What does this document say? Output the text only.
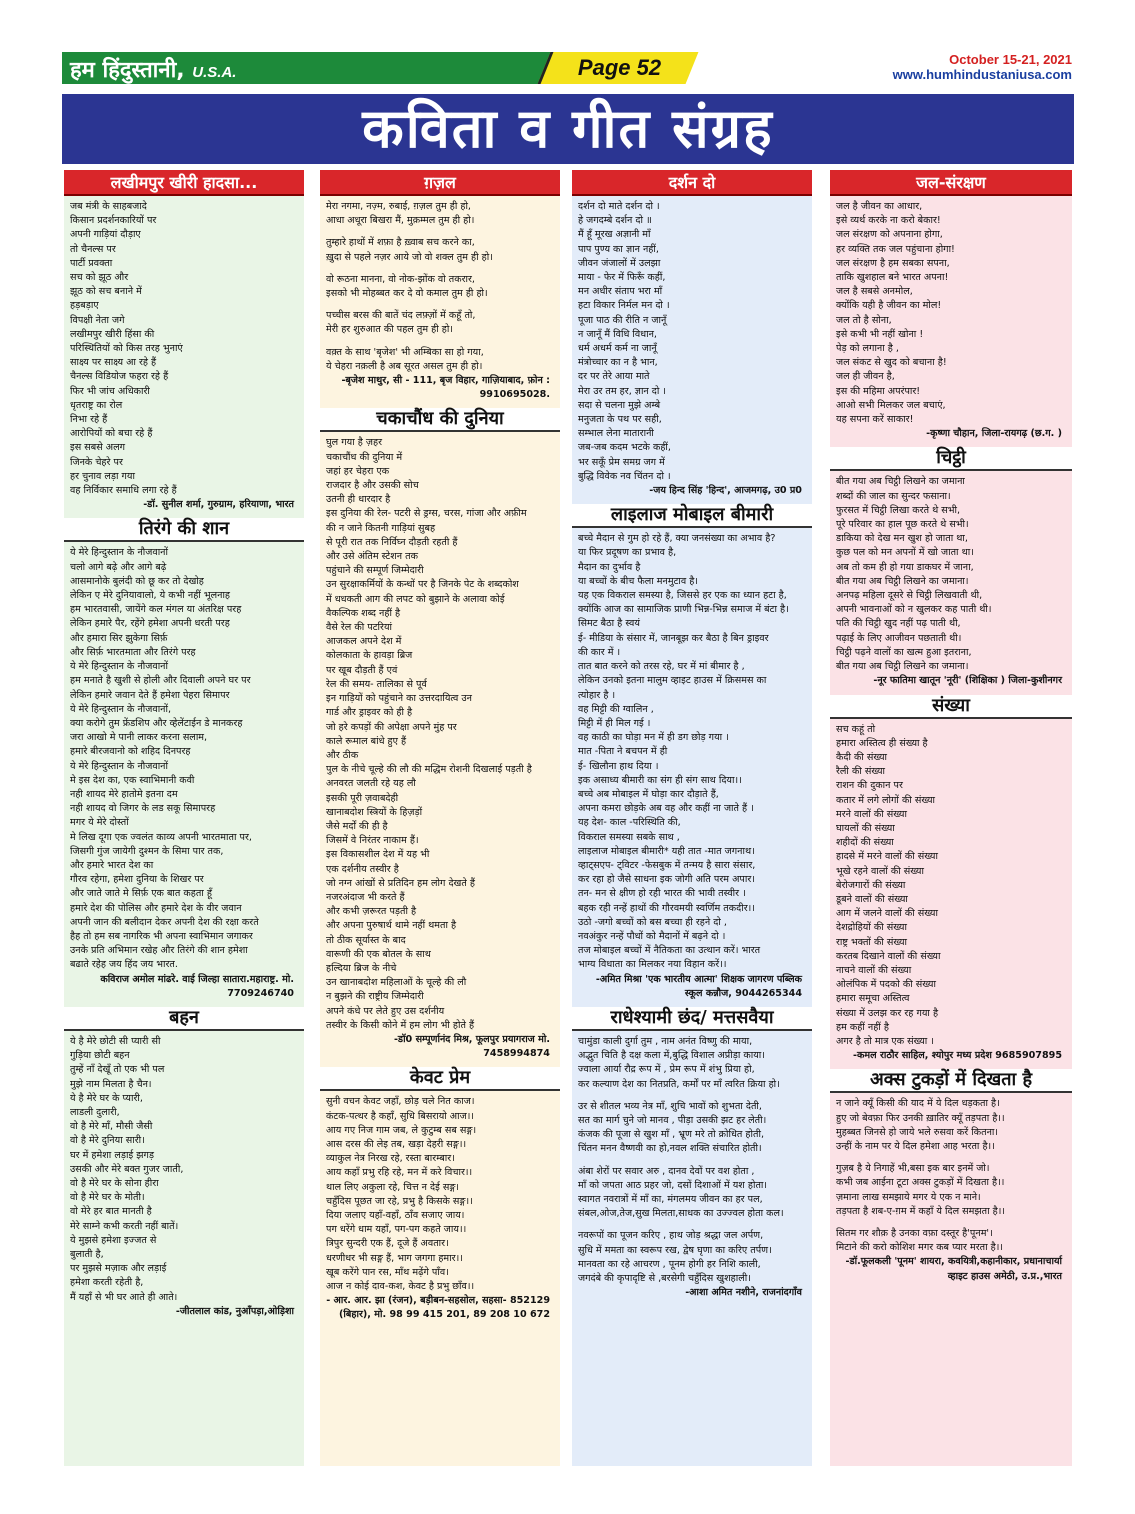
हम हिंदुस्तानी, U.S.A.	Page 52	October 15-21, 2021
www.humhindustaniusa.com
कविता व गीत संग्रह
लखीमपुर खीरी हादसा...
जब मंत्री के साहबजादे
किसान प्रदर्शनकारियों पर
अपनी गाड़ियां दौड़ाए
तो चैनल्स पर
पार्टी प्रवक्ता
सच को झूठ और
झूठ को सच बनाने में
हड़बड़ाए
विपक्षी नेता जगे
लखीमपुर खीरी हिंसा की
परिस्थितियों को किस तरह भुनाएं
साक्ष्य पर साक्ष्य आ रहे हैं
चैनल्स विडियोज फहरा रहे हैं
फिर भी जांच अधिकारी
धृतराष्ट्र का रोल
निभा रहे हैं
आरोपियों को बचा रहे हैं
इस सबसे अलग
जिनके चेहरे पर
हर चुनाव लड़ा गया
वह निर्विकार समाधि लगा रहे हैं
-डॉ. सुनील शर्मा, गुरुग्राम, हरियाणा, भारत
तिरंगे की शान
ये मेरे हिन्दुस्तान के नौजवानों
चलो आगे बढ़े और आगे बढ़े
आसमानोके बुलंदी को छू कर तो देखोह
लेकिन ए मेरे दुनियावालो, ये कभी नहीं भूलनाह
हम भारतवासी, जायेंगे कल मंगल या अंतरिक्ष परह
लेकिन हमारे पैर, रहेंगे हमेशा अपनी धरती परह
और हमारा सिर झुकेगा सिर्फ़
और सिर्फ़ भारतमाता और तिरंगे परह
ये मेरे हिन्दुस्तान के नौजवानों
हम मनाते है खुशी से होली और दिवाली अपने घर पर
लेकिन हमारे जवान देते हैं हमेशा पेहरा सिमापर
ये मेरे हिन्दुस्तान के नौजवानों,
क्या करोगे तुम फ्रेंडशिप और व्हेलेंटाईन डे मानकरह
जरा आखो मे पानी लाकर करना सलाम,
हमारे बीरजवानो को शहिद दिनपरह
ये मेरे हिन्दुस्तान के नौजवानों
मे इस देश का, एक स्वाभिमानी कवी
नही शायद मेरे हातोमे इतना दम
नही शायद वो जिगर के लड सकू सिमापरह
मगर ये मेरे दोस्तों
मे लिख दूगा एक ज्वलंत काव्य अपनी भारतमाता पर,
जिसगी गुंज जायेगी दुश्मन के सिमा पार तक,
और हमारे भारत देश का
गौरव रहेगा, हमेशा दुनिया के शिखर पर
और जाते जाते मे सिर्फ़ एक बात कहता हूँ
हमारे देश की पोलिस और हमारे देश के वीर जवान
अपनी जान की बलीदान देकर अपनी देश की रक्षा करते
हैह तो हम सब नागरिक भी अपना स्वाभिमान जगाकर
उनके प्रति अभिमान रखेह और तिरंगे की शान हमेशा
बढाते रहेह जय हिंद जय भारत.
कविराज अमोल मांढरे. वाई जिल्हा सातारा.महाराष्ट्र. मो. 7709246740
बहन
ये है मेरे छोटी सी प्यारी सी
गुड़िया छोटी बहन
तुम्हें नाँ देखूँ तो एक भी पल
मुझे नाम मिलता है चैन।
ये है मेरे घर के प्यारी,
लाडली दुलारी,
वो है मेरे माँ, मौसी जैसी
वो है मेरे दुनिया सारी।
घर में हमेशा लड़ाई झगड़
उसकी और मेरे बक्त गुजर जाती,
वो है मेरे घर के सोना हीरा
वो है मेरे घर के मोती।
वो मेरे हर बात मानती है
मेरे साम्ने कभी करती नहीं बातें।
ये मुझसे हमेशा इज्जत से
बुलाती है,
पर मुझसे मज़ाक और लड़ाई
हमेशा करती रहेती है,
मैं यहाँ से भी घर आते ही आते।
-जीतलाल कांड, नुआँपड़ा,ओड़िशा
ग़ज़ल
मेरा नगमा, नज़्म, रुबाई, ग़ज़ल तुम ही हो,
आधा अधूरा बिखरा मैं, मुक़म्मल तुम ही हो।
तुम्हारे हाथों में शफ़ा है ख़्वाब सच करने का,
ख़ुदा से पहले नज़र आये जो वो शक्ल तुम ही हो।
वो रूठना मानना, वो नोक-झोंक वो तकरार,
इसको भी मोहब्बत कर दे वो कमाल तुम ही हो।
पच्चीस बरस की बातें चंद लफ़्ज़ों में कहूँ तो,
मेरी हर शुरुआत की पहल तुम ही हो।
वक़्त के साथ 'बृजेश' भी अम्बिका सा हो गया,
ये चेहरा नक़ली है अब सूरत असल तुम ही हो।
-बृजेश माथुर, सी - 111, बृज विहार, गाज़ियाबाद, फ़ोन : 9910695028.
चकाचौंध की दुनिया
घुल गया है ज़हर
चकाचौंध की दुनिया में
जहां हर चेहरा एक
राजदार है और उसकी सोच
उतनी ही धारदार है
इस दुनिया की रेल- पटरी से ड्रग्स, चरस, गांजा और अफ़ीम
की न जाने कितनी गाड़ियां सुबह
से पूरी रात तक निर्विघ्न दौड़ती रहती हैं
और उसे अंतिम स्टेशन तक
पहुंचाने की सम्पूर्ण जिम्मेदारी
उन सुरक्षाकर्मियों के कन्धों पर है जिनके पेट के शब्दकोश
में धधकती आग की लपट को बुझाने के अलावा कोई
वैकल्पिक शब्द नहीं है
वैसे रेल की पटरियां
आजकल अपने देश में
कोलकाता के हावड़ा ब्रिज
पर खूब दौड़ती हैं एवं
रेल की समय- तालिका से पूर्व
इन गाड़ियों को पहुंचाने का उत्तरदायित्व उन
गार्ड और ड्राइवर को ही है
जो हरे कपड़ों की अपेक्षा अपने मुंह पर
काले रूमाल बांधे हुए हैं
और ठीक
पुल के नीचे चूल्हे की लौ की मद्धिम रोशनी दिखलाई पड़ती है
अनवरत जलती रहे यह लौ
इसकी पूरी ज़वाबदेही
खानाबदोश स्त्रियों के हिज़ड़ों
जैसे मर्दों की ही है
जिसमें वे निरंतर नाकाम हैं।
इस विकासशील देश में यह भी
एक दर्शनीय तस्वीर है
जो नग्न आंखों से प्रतिदिन हम लोग देखते हैं
नजरअंदाज भी करते हैं
और कभी ज़रूरत पड़ती है
और अपना पुरुषार्थ थामे नहीं थमता है
तो ठीक सूर्यास्त के बाद
वारूणी की एक बोतल के साथ
हल्दिया ब्रिज के नीचे
उन खानाबदोश महिलाओं के चूल्हे की लौ
न बुझने की राष्ट्रीय जिम्मेदारी
अपने कंधे पर लेते हुए उस दर्शनीय
तस्वीर के किसी कोने में हम लोग भी होते हैं
-डॉ0 सम्पूर्णानंद मिश्र, फूलपुर प्रयागराज मो. 7458994874
केवट प्रेम
सुनी वचन केवट जहाँ, छोड़ चले नित काज।
कंटक-पत्थर है कहाँ, सुधि बिसरायो आज।।
आय गए निज गाम जब, ले कुटुम्ब सब सङ्ग।
आस दरस की लेइ तब, खड़ा देहरी सङ्ग।।
व्याकुल नेत्र निरख रहे, रस्ता बारम्बार।
आय कहाँ प्रभु रहि रहे, मन में करे विचार।।
थाल लिए अकुला रहे, चित्त न देई सङ्ग।
चहुँदिस पूछत जा रहे, प्रभु है किसके सङ्ग।।
दिया जलाए यहाँ-वहाँ, ठाँव सजाए जाय।
पग धरेंगे धाम यहाँ, पग-पग कहते जाय।।
त्रिपुर सुन्दरी एक हैं, दूजे हैं अवतार।
धरणीधर भी सङ्ग हैं, भाग जगगा हमार।।
खूब करेंगे पान रस, माँथ मढ़ेंगे पाँव।
आज न कोई दाव-कश, केवट है प्रभु छाँव।।
- आर. आर. झा (रंजन), बड़ीबन-सहसोल, सहसा- 852129 (बिहार), मो. 98 99 415 201, 89 208 10 672
दर्शन दो
दर्शन दो माते दर्शन दो ।
हे जगदम्बे दर्शन दो ॥
मैं हूँ मूरख अज्ञानी माँ
पाप पुण्य का ज्ञान नहीं,
जीवन जंजालों में उलझा
माया - फेर में फिरूँ कहीं,
मन अधीर संताप भरा माँ
हटा विकार निर्मल मन दो ।
पूजा पाठ की रीति न जानूँ
न जानूँ मैं विधि विधान,
धर्म अधर्म कर्म ना जानूँ
मंत्रोच्चार का न है भान,
दर पर तेरे आया माते
मेरा उर तम हर, ज्ञान दो ।
सदा से चलना मुझे अम्बे
मनुजता के पथ पर सही,
सम्भाल लेना मातारानी
जब-जब कदम भटके कहीं,
भर सकूँ प्रेम समग्र जग में
बुद्धि विवेक नव चिंतन दो ।
-जय हिन्द सिंह 'हिन्द', आजमगढ़, उ0 प्र0
लाइलाज मोबाइल बीमारी
बच्चे मैदान से गुम हो रहे हैं, क्या जनसंख्या का अभाव है?
या फिर प्रदूषण का प्रभाव है,
मैदान का दुर्भाव है
या बच्चों के बीच फैला मनमुटाव है।
यह एक विकराल समस्या है, जिससे हर एक का ध्यान हटा है,
क्योंकि आज का सामाजिक प्राणी भिन्न-भिन्न समाज में बंटा है।
सिमट बैठा है स्वयं
ई- मीडिया के संसार में, जानबूझ कर बैठा है बिन ड्राइवर
की कार में ।
तात बात करने को तरस रहे, घर में मां बीमार है ,
लेकिन उनको इतना मालुम व्हाइट हाउस में क्रिसमस का
त्योहार है ।
वह मिट्टी की ग्वालिन ,
मिट्टी में ही मिल गई ।
वह काठी का घोड़ा मन में ही डग छोड़ गया ।
मात -पिता ने बचपन में ही
ई- खिलौना हाथ दिया ।
इक असाध्य बीमारी का संग ही संग साथ दिया।।
बच्चे अब मोबाइल में घोड़ा कार दौड़ाते हैं,
अपना कमरा छोड़के अब वह और कहीं ना जाते हैं ।
यह देश- काल -परिस्थिति की,
विकराल समस्या सबके साथ ,
लाइलाज मोबाइल बीमारी* यही तात -मात जगनाथ।
व्हाट्सएप- ट्विटर -फेसबुक में तन्मय है सारा संसार,
कर रहा हो जैसे साधना इक जोगी अति परम अपार।
तन- मन से क्षीण हो रही भारत की भावी तस्वीर ।
बहक रही नन्हें हाथों की गौरवमयी स्वर्णिम तकदीर।।
उठो -जगो बच्चों को बस बच्चा ही रहने दो ,
नवअंकुर नन्हें पौधों को मैदानों में बढ़ने दो ।
तज मोबाइल बच्चों में नैतिकता का उत्थान करें। भारत
भाग्य विधाता का मिलकर नया विहान करें।।
-अमित मिश्रा 'एक भारतीय आत्मा' शिक्षक जागरण पब्लिक स्कूल कन्नौज, 9044265344
राधेश्यामी छंद/ मत्तसवैया
चामुंडा काली दुर्गा तुम , नाम अनंत विष्णु की माया,
अद्भुत चिति है दक्ष कला में,बुद्धि विशाल अप्रीड़ा काया।
ज्वाला आर्या रौद्र रूप में , प्रेम रूप में शंभु प्रिया हो,
कर कल्याण देश का नितप्रति, कर्मों पर माँ त्वरित क्रिया हो।
उर से शीतल भव्य नेत्र माँ, शुचि भावों को शुभता देती,
सत का मार्ग चुने जो मानव , पीड़ा उसकी झट हर लेती।
कंजक की पूजा से खुश माँ , भ्रूण मरे तो क्रोधित होती,
चिंतन मनन वैष्णवी का हो,नवल शक्ति संचारित होती।
अंबा शेरों पर सवार अरु , दानव देवों पर वश होता ,
माँ को जपता आठ प्रहर जो, दसों दिशाओं में यश होता।
स्वागत नवरात्रों में माँ का, मंगलमय जीवन का हर पल,
संबल,ओज,तेज,सुख मिलता,साधक का उज्ज्वल होता कल।
नवरूपों का पूजन करिए , हाथ जोड़ श्रद्धा जल अर्पण,
सुधि में ममता का स्वरूप रख, द्वेष घृणा का करिए तर्पण।
मानवता का रहे आचरण , पूनम होगी हर निशि काली,
जगदंबे की कृपादृष्टि से ,बरसेगी चहुँदिस खुशहाली।
-आशा अमित नशीने, राजनांदगाँव
जल-संरक्षण
जल है जीवन का आधार,
इसे व्यर्थ करके ना करो बेकार!
जल संरक्षण को अपनाना होगा,
हर व्यक्ति तक जल पहुंचाना होगा!
जल संरक्षण है हम सबका सपना,
ताकि खुशहाल बने भारत अपना!
जल है सबसे अनमोल,
क्योंकि यही है जीवन का मोल!
जल तो है सोना,
इसे कभी भी नहीं खोना !
पेड़ को लगाना है ,
जल संकट से खुद को बचाना है!
जल ही जीवन है,
इस की महिमा अपरंपार!
आओ सभी मिलकर जल बचाएं,
यह सपना करें साकार!
-कृष्णा चौहान, जिला-रायगढ़ (छ.ग. )
चिट्ठी
बीत गया अब चिट्ठी लिखने का जमाना
शब्दों की जाल का सुन्दर फसाना।
फुरसत में चिट्ठी लिखा करते थे सभी,
पूरे परिवार का हाल पूछ करते थे सभी।
डाकिया को देख मन खुश हो जाता था,
कुछ पल को मन अपनों में खो जाता था।
अब तो कम ही हो गया डाकघर में जाना,
बीत गया अब चिट्ठी लिखने का जमाना।
अनपढ़ महिला दूसरे से चिट्ठी लिखवाती थी,
अपनी भावनाओं को न खुलकर कह पाती थी।
पति की चिट्ठी खुद नहीं पढ़ पाती थी,
पढ़ाई के लिए आजीवन पछताती थी।
चिट्ठी पढ़ने वालों का खत्म हुआ इतराना,
बीत गया अब चिट्ठी लिखने का जमाना।
-नूर फातिमा खातून 'नूरी' (शिक्षिका ) जिला-कुशीनगर
संख्या
सच कहूं तो
हमारा अस्तित्व ही संख्या है
कैदी की संख्या
रैली की संख्या
राशन की दुकान पर
कतार में लगे लोगों की संख्या
मरने वालों की संख्या
घायलों की संख्या
शहीदों की संख्या
हादसे में मरने वालों की संख्या
भूखे रहने वालों की संख्या
बेरोजगारों की संख्या
डूबने वालों की संख्या
आग में जलने वालों की संख्या
देशद्रोहियों की संख्या
राष्ट्र भक्तों की संख्या
करतब दिखाने वालों की संख्या
नाचने वालों की संख्या
ओलंपिक में पदको की संख्या
हमारा समूचा अस्तित्व
संख्या में उलझ कर रह गया है
हम कहीं नहीं है
अगर है तो मात्र एक संख्या ।
-कमल राठौर साहिल, श्योपुर मध्य प्रदेश 9685907895
अक्स टुकड़ों में दिखता है
न जाने क्यूँ किसी की याद में ये दिल धड़कता है।
हुए जो बेवफ़ा फिर उनकी ख़ातिर क्यूँ तड़पता है।।
मुहब्बत जिनसे हो जाये भले रुसवा करें कितना।
उन्हीं के नाम पर ये दिल हमेशा आह भरता है।।
गुज़ब है ये निगाहें भी,बसा इक बार इनमें जो।
कभी जब आईना टूटा अक्स टुकड़ों में दिखता है।।
ज़माना लाख समझाये मगर ये एक न माने।
तड़पता है शब-ए-ग़म में कहाँ ये दिल समझता है।।
सितम गर शौक़ है उनका वफ़ा दस्तूर है'पूनम'।
मिटाने की करो कोशिश मगर कब प्यार मरता है।।
-डॉ.फूलकली 'पूनम' शायरा, कवयित्री,कहानीकार, प्रधानाचार्या व्हाइट हाउस अमेठी, उ.प्र.,भारत
